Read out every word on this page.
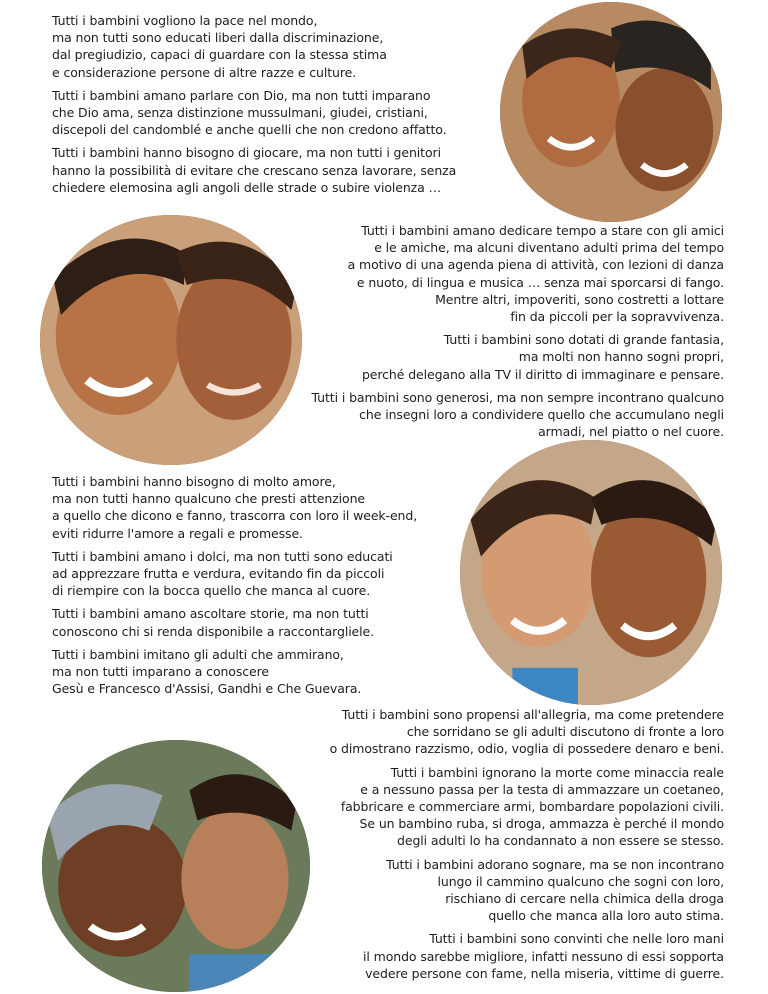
Tutti i bambini vogliono la pace nel mondo,
ma non tutti sono educati liberi dalla discriminazione,
dal pregiudizio, capaci di guardare con la stessa stima
e considerazione persone di altre razze e culture.

Tutti i bambini amano parlare con Dio, ma non tutti imparano
che Dio ama, senza distinzione mussulmani, giudei, cristiani,
discepoli del candomblé e anche quelli che non credono affatto.

Tutti i bambini hanno bisogno di giocare, ma non tutti i genitori
hanno la possibilità di evitare che crescano senza lavorare, senza
chiedere elemosina agli angoli delle strade o subire violenza …

Tutti i bambini amano dedicare tempo a stare con gli amici
e le amiche, ma alcuni diventano adulti prima del tempo
a motivo di una agenda piena di attività, con lezioni di danza
e nuoto, di lingua e musica … senza mai sporcarsi di fango.
Mentre altri, impoveriti, sono costretti a lottare
fin da piccoli per la sopravvivenza.

Tutti i bambini sono dotati di grande fantasia,
ma molti non hanno sogni propri,
perché delegano alla TV il diritto di immaginare e pensare.

Tutti i bambini sono generosi, ma non sempre incontrano qualcuno
che insegni loro a condividere quello che accumulano negli
armadi, nel piatto o nel cuore.

Tutti i bambini hanno bisogno di molto amore,
ma non tutti hanno qualcuno che presti attenzione
a quello che dicono e fanno, trascorra con loro il week-end,
eviti ridurre l'amore a regali e promesse.

Tutti i bambini amano i dolci, ma non tutti sono educati
ad apprezzare frutta e verdura, evitando fin da piccoli
di riempire con la bocca quello che manca al cuore.

Tutti i bambini amano ascoltare storie, ma non tutti
conoscono chi si renda disponibile a raccontargliele.

Tutti i bambini imitano gli adulti che ammirano,
ma non tutti imparano a conoscere
Gesù e Francesco d'Assisi, Gandhi e Che Guevara.

Tutti i bambini sono propensi all'allegria, ma come pretendere
che sorridano se gli adulti discutono di fronte a loro
o dimostrano razzismo, odio, voglia di possedere denaro e beni.

Tutti i bambini ignorano la morte come minaccia reale
e a nessuno passa per la testa di ammazzare un coetaneo,
fabbricare e commerciare armi, bombardare popolazioni civili.
Se un bambino ruba, si droga, ammazza è perché il mondo
degli adulti lo ha condannato a non essere se stesso.

Tutti i bambini adorano sognare, ma se non incontrano
lungo il cammino qualcuno che sogni con loro,
rischiano di cercare nella chimica della droga
quello che manca alla loro auto stima.

Tutti i bambini sono convinti che nelle loro mani
il mondo sarebbe migliore, infatti nessuno di essi sopporta
vedere persone con fame, nella miseria, vittime di guerre.
